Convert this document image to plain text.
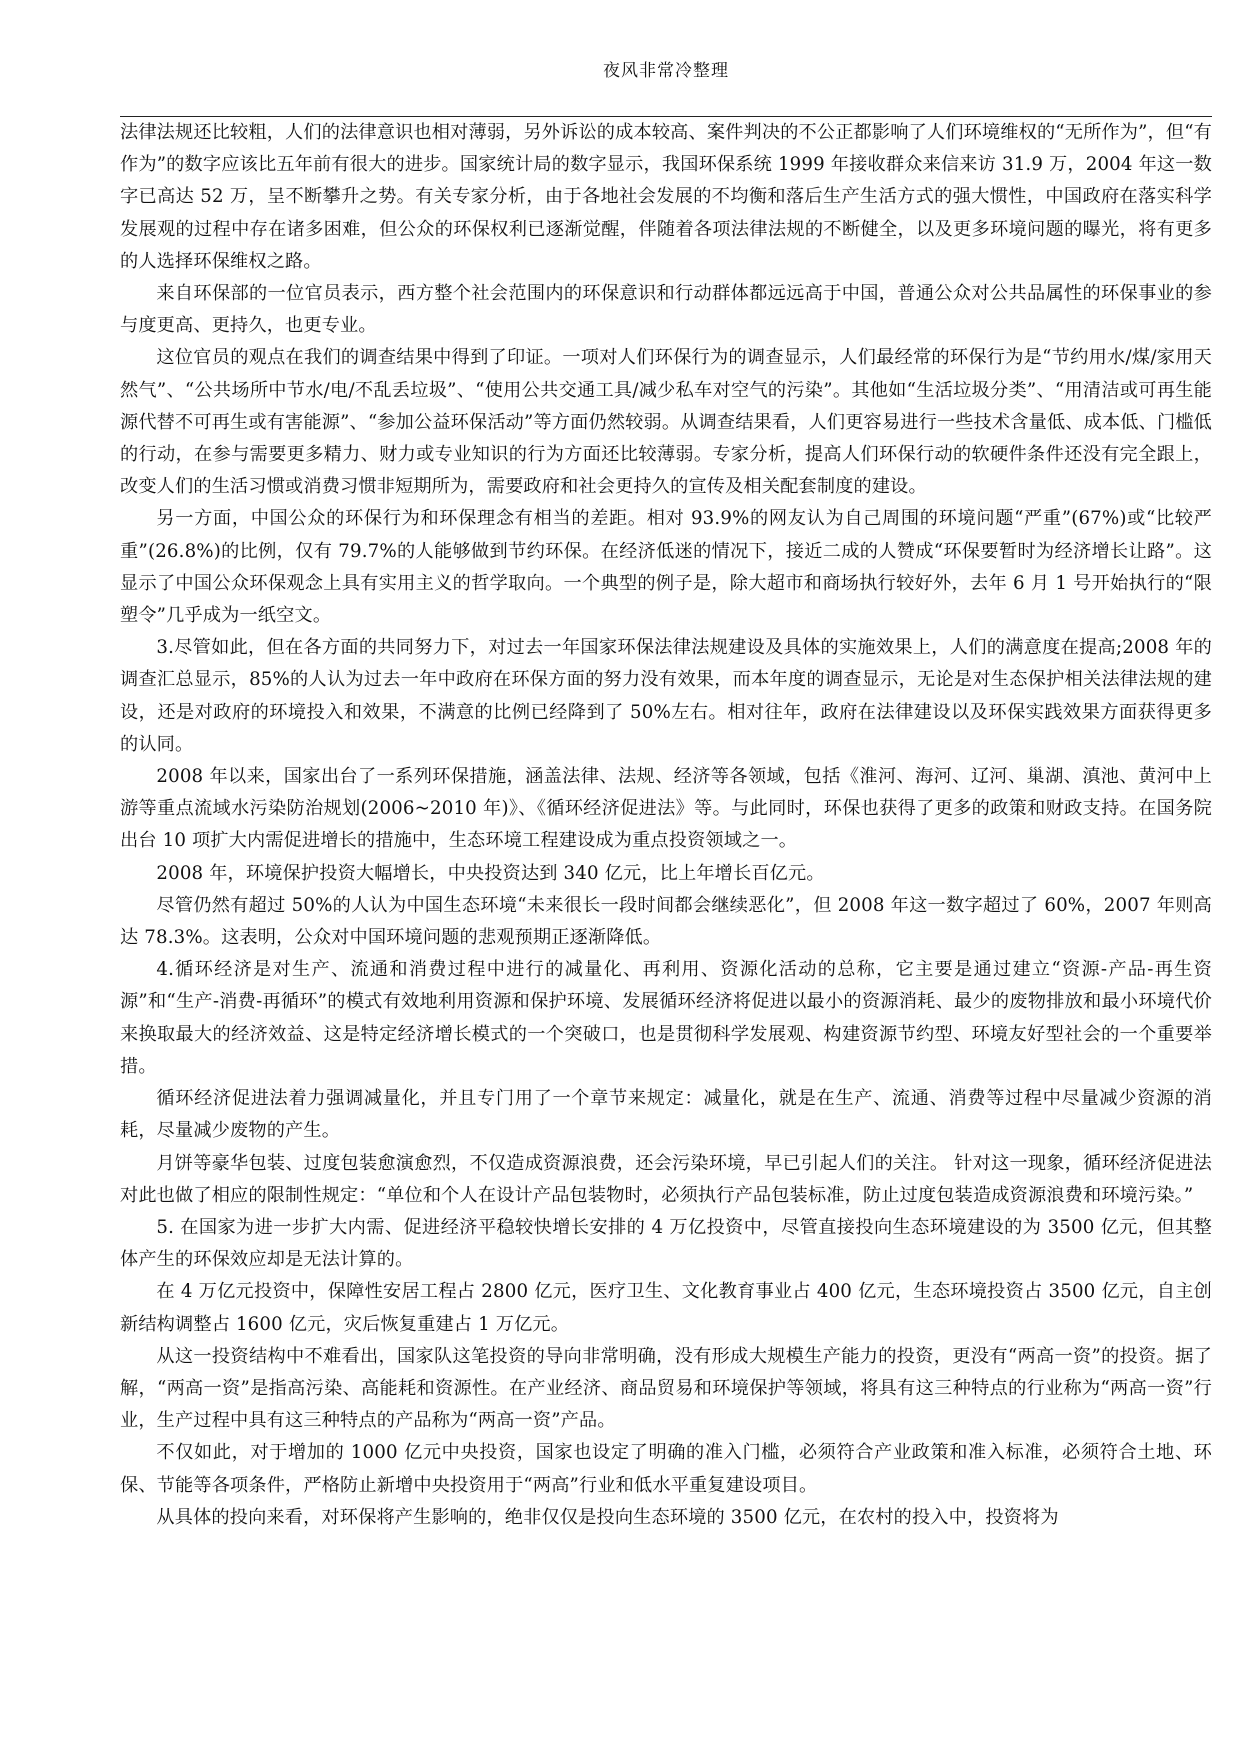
夜风非常冷整理

法律法规还比较粗，人们的法律意识也相对薄弱，另外诉讼的成本较高、案件判决的不公正都影响了人们环境维权的“无所作为”，但“有作为”的数字应该比五年前有很大的进步。国家统计局的数字显示，我国环保系统 1999 年接收群众来信来访 31.9 万，2004 年这一数字已高达 52 万，呈不断攀升之势。有关专家分析，由于各地社会发展的不均衡和落后生产生活方式的强大惯性，中国政府在落实科学发展观的过程中存在诸多困难，但公众的环保权利已逐渐觉醒，伴随着各项法律法规的不断健全，以及更多环境问题的曝光，将有更多的人选择环保维权之路。

来自环保部的一位官员表示，西方整个社会范围内的环保意识和行动群体都远远高于中国，普通公众对公共品属性的环保事业的参与度更高、更持久，也更专业。

这位官员的观点在我们的调查结果中得到了印证。一项对人们环保行为的调查显示，人们最经常的环保行为是“节约用水/煤/家用天然气”、“公共场所中节水/电/不乱丢垃圾”、“使用公共交通工具/减少私车对空气的污染”。其他如“生活垃圾分类”、“用清洁或可再生能源代替不可再生或有害能源”、“参加公益环保活动”等方面仍然较弱。从调查结果看，人们更容易进行一些技术含量低、成本低、门槛低的行动，在参与需要更多精力、财力或专业知识的行为方面还比较薄弱。专家分析，提高人们环保行动的软硬件条件还没有完全跟上，改变人们的生活习惯或消费习惯非短期所为，需要政府和社会更持久的宣传及相关配套制度的建设。

另一方面，中国公众的环保行为和环保理念有相当的差距。相对 93.9%的网友认为自己周围的环境问题“严重”(67%)或“比较严重”(26.8%)的比例，仅有 79.7%的人能够做到节约环保。在经济低迷的情况下，接近二成的人赞成“环保要暂时为经济增长让路”。这显示了中国公众环保观念上具有实用主义的哲学取向。一个典型的例子是，除大超市和商场执行较好外，去年 6 月 1 号开始执行的“限塑令”几乎成为一纸空文。

3.尽管如此，但在各方面的共同努力下，对过去一年国家环保法律法规建设及具体的实施效果上，人们的满意度在提高;2008 年的调查汇总显示，85%的人认为过去一年中政府在环保方面的努力没有效果，而本年度的调查显示，无论是对生态保护相关法律法规的建设，还是对政府的环境投入和效果，不满意的比例已经降到了 50%左右。相对往年，政府在法律建设以及环保实践效果方面获得更多的认同。

2008 年以来，国家出台了一系列环保措施，涵盖法律、法规、经济等各领域，包括《淮河、海河、辽河、巢湖、滇池、黄河中上游等重点流域水污染防治规划(2006~2010 年)》、《循环经济促进法》等。与此同时，环保也获得了更多的政策和财政支持。在国务院出台 10 项扩大内需促进增长的措施中，生态环境工程建设成为重点投资领域之一。

2008 年，环境保护投资大幅增长，中央投资达到 340 亿元，比上年增长百亿元。

尽管仍然有超过 50%的人认为中国生态环境“未来很长一段时间都会继续恶化”，但 2008 年这一数字超过了 60%，2007 年则高达 78.3%。这表明，公众对中国环境问题的悲观预期正逐渐降低。

4.循环经济是对生产、流通和消费过程中进行的减量化、再利用、资源化活动的总称，它主要是通过建立“资源-产品-再生资源”和“生产-消费-再循环”的模式有效地利用资源和保护环境、发展循环经济将促进以最小的资源消耗、最少的废物排放和最小环境代价来换取最大的经济效益、这是特定经济增长模式的一个突破口，也是贯彻科学发展观、构建资源节约型、环境友好型社会的一个重要举措。

循环经济促进法着力强调减量化，并且专门用了一个章节来规定：减量化，就是在生产、流通、消费等过程中尽量减少资源的消耗，尽量减少废物的产生。

月饼等豪华包装、过度包装愈演愈烈，不仅造成资源浪费，还会污染环境，早已引起人们的关注。 针对这一现象，循环经济促进法对此也做了相应的限制性规定：“单位和个人在设计产品包装物时，必须执行产品包装标准，防止过度包装造成资源浪费和环境污染。”

5. 在国家为进一步扩大内需、促进经济平稳较快增长安排的 4 万亿投资中，尽管直接投向生态环境建设的为 3500 亿元，但其整体产生的环保效应却是无法计算的。

在 4 万亿元投资中，保障性安居工程占 2800 亿元，医疗卫生、文化教育事业占 400 亿元，生态环境投资占 3500 亿元，自主创新结构调整占 1600 亿元，灾后恢复重建占 1 万亿元。

从这一投资结构中不难看出，国家队这笔投资的导向非常明确，没有形成大规模生产能力的投资，更没有“两高一资”的投资。据了解，“两高一资”是指高污染、高能耗和资源性。在产业经济、商品贸易和环境保护等领域，将具有这三种特点的行业称为“两高一资”行业，生产过程中具有这三种特点的产品称为“两高一资”产品。

不仅如此，对于增加的 1000 亿元中央投资，国家也设定了明确的准入门槛，必须符合产业政策和准入标准，必须符合土地、环保、节能等各项条件，严格防止新增中央投资用于“两高”行业和低水平重复建设项目。

从具体的投向来看，对环保将产生影响的，绝非仅仅是投向生态环境的 3500 亿元，在农村的投入中，投资将为
